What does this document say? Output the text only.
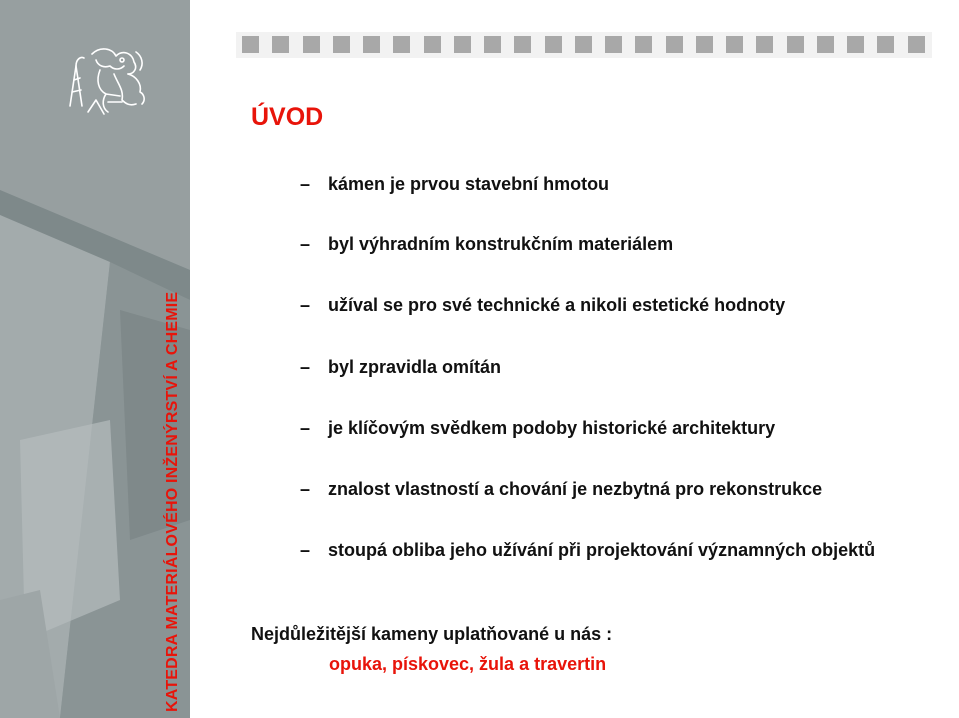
KATEDRA MATERIÁLOVÉHO INŽENÝRSTVÍ A CHEMIE
ÚVOD
– kámen je prvou stavební hmotou
– byl výhradním konstrukčním materiálem
– užíval se pro své technické a nikoli estetické hodnoty
– byl zpravidla omítán
– je klíčovým svědkem podoby historické architektury
– znalost vlastností a chování je nezbytná pro rekonstrukce
– stoupá obliba jeho užívání při projektování významných objektů
Nejdůležitější kameny uplatňované u nás :
opuka, pískovec, žula a travertin
